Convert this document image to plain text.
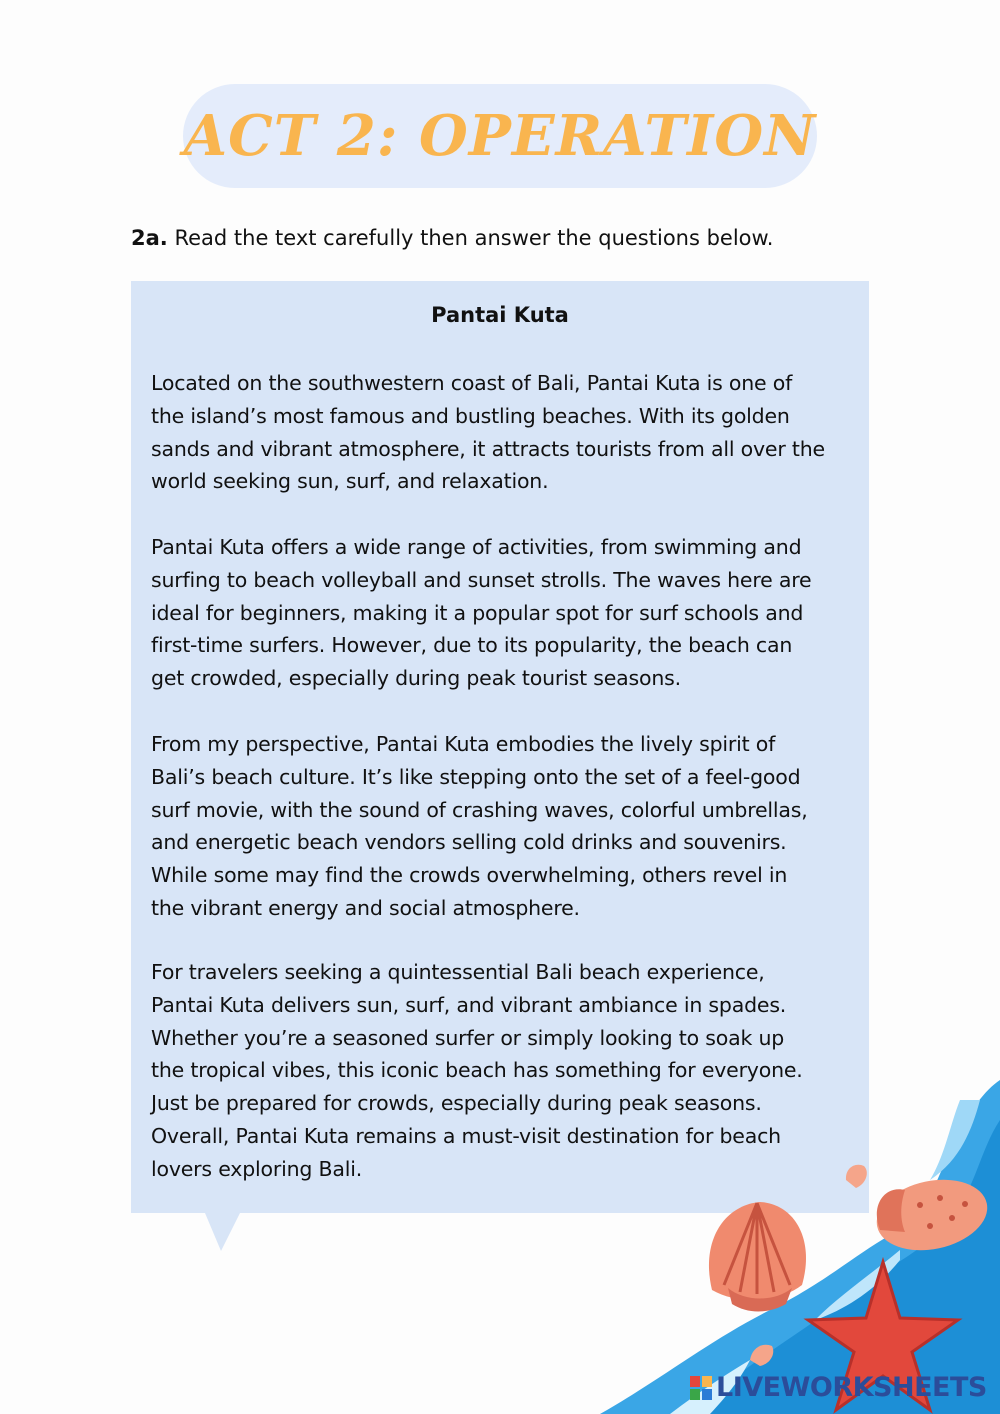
ACT 2: OPERATION
2a. Read the text carefully then answer the questions below.
Pantai Kuta

Located on the southwestern coast of Bali, Pantai Kuta is one of
the island’s most famous and bustling beaches. With its golden
sands and vibrant atmosphere, it attracts tourists from all over the
world seeking sun, surf, and relaxation.

Pantai Kuta offers a wide range of activities, from swimming and
surfing to beach volleyball and sunset strolls. The waves here are
ideal for beginners, making it a popular spot for surf schools and
first-time surfers. However, due to its popularity, the beach can
get crowded, especially during peak tourist seasons.

From my perspective, Pantai Kuta embodies the lively spirit of
Bali’s beach culture. It’s like stepping onto the set of a feel-good
surf movie, with the sound of crashing waves, colorful umbrellas,
and energetic beach vendors selling cold drinks and souvenirs.
While some may find the crowds overwhelming, others revel in
the vibrant energy and social atmosphere.

For travelers seeking a quintessential Bali beach experience,
Pantai Kuta delivers sun, surf, and vibrant ambiance in spades.
Whether you’re a seasoned surfer or simply looking to soak up
the tropical vibes, this iconic beach has something for everyone.
Just be prepared for crowds, especially during peak seasons.
Overall, Pantai Kuta remains a must-visit destination for beach
lovers exploring Bali.

LIVEWORKSHEETS
